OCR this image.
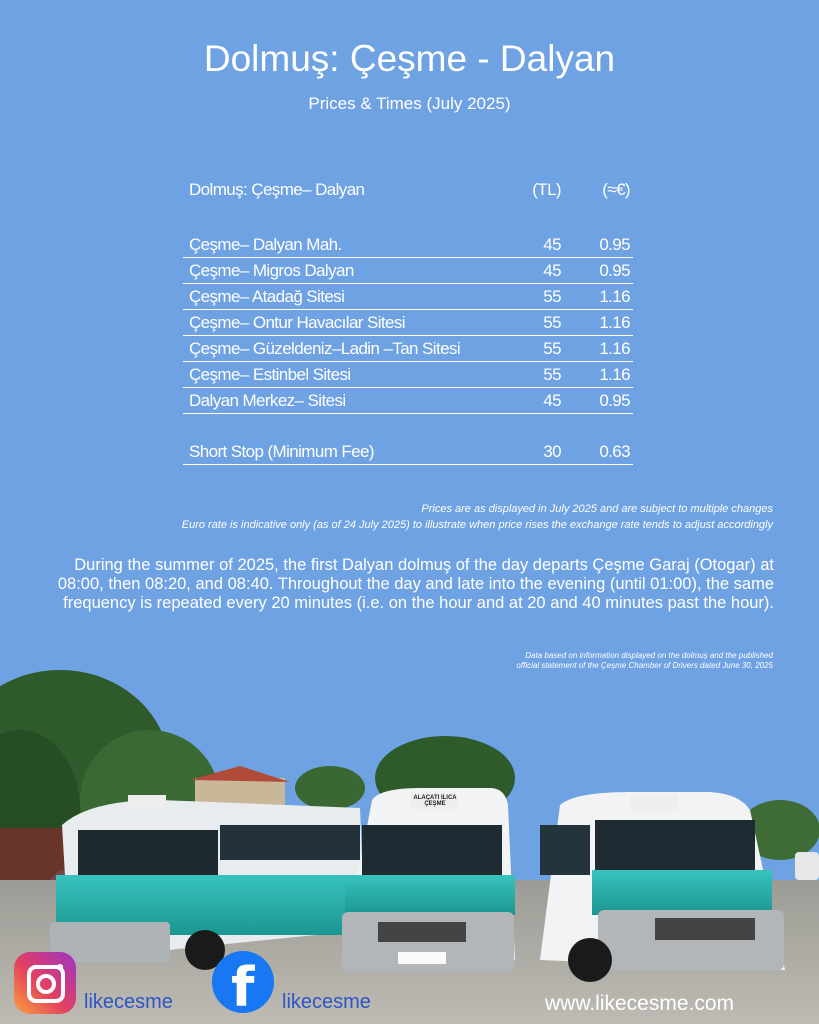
Dolmuş: Çeşme - Dalyan
Prices & Times (July 2025)
Dolmuş: Çeşme– Dalyan	(TL)	(≈€)
Çeşme– Dalyan Mah.	45	0.95
Çeşme– Migros Dalyan	45	0.95
Çeşme– Atadağ Sitesi	55	1.16
Çeşme– Ontur Havacılar Sitesi	55	1.16
Çeşme– Güzeldeniz–Ladin –Tan Sitesi	55	1.16
Çeşme– Estinbel Sitesi	55	1.16
Dalyan Merkez– Sitesi	45	0.95
Short Stop (Minimum Fee)	30	0.63
Prices are as displayed in July 2025 and are subject to multiple changes
Euro rate is indicative only (as of 24 July 2025) to illustrate when price rises the exchange rate tends to adjust accordingly
During the summer of 2025, the first Dalyan dolmuş of the day departs Çeşme Garaj (Otogar) at 08:00, then 08:20, and 08:40. Throughout the day and late into the evening (until 01:00), the same frequency is repeated every 20 minutes (i.e. on the hour and at 20 and 40 minutes past the hour).
Data based on information displayed on the dolmuş and the published
official statement of the Çeşme Chamber of Drivers dated June 30, 2025
ALAÇATI ILICA ÇEŞME
likecesme f likecesme	www.likecesme.com
